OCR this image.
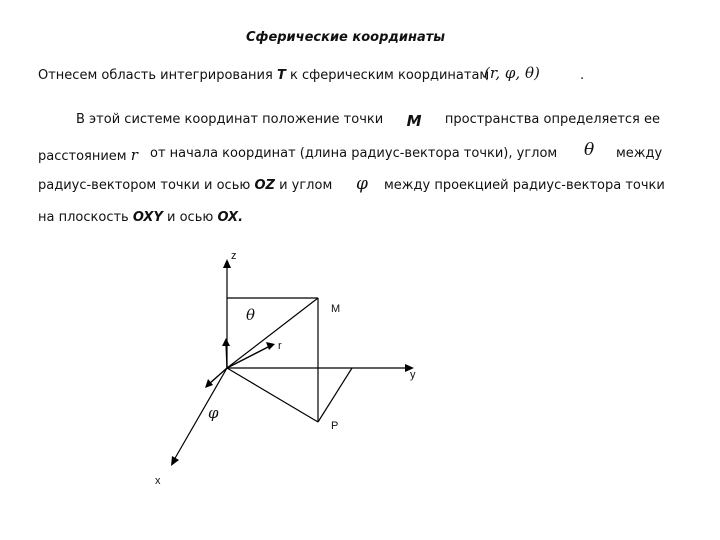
Сферические координаты
Отнесем область интегрирования T к сферическим координатам
(r, φ, θ)	.
В этой системе координат положение точки M пространства определяется ее
расстоянием r от начала координат (длина радиус-вектора точки), углом θ между
радиус-вектором точки и осью OZ и углом φ между проекцией радиус-вектора точки
на плоскость OXY и осью OX.
z
M
r
y
P
x
θ
φ
